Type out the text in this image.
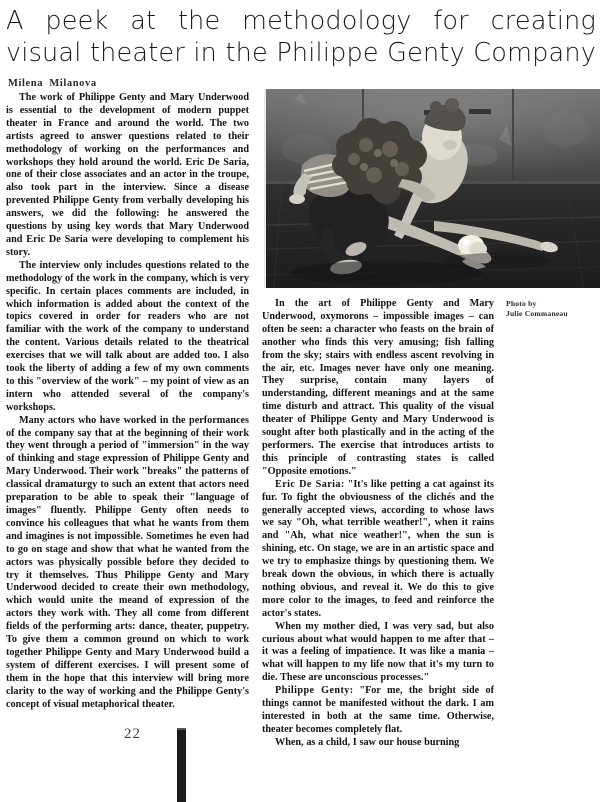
A peek at the methodology for creating
visual theater in the Philippe Genty Company
Milena Milanova
Photo by
Julie Commaneau

The work of Philippe Genty and Mary Underwood is essential to the development of modern puppet theater in France and around the world. The two artists agreed to answer questions related to their methodology of working on the performances and workshops they hold around the world. Eric De Saria, one of their close associates and an actor in the troupe, also took part in the interview. Since a disease prevented Philippe Genty from verbally developing his answers, we did the following: he answered the questions by using key words that Mary Underwood and Eric De Saria were developing to complement his story.

The interview only includes questions related to the methodology of the work in the company, which is very specific. In certain places comments are included, in which information is added about the context of the topics covered in order for readers who are not familiar with the work of the company to understand the content. Various details related to the theatrical exercises that we will talk about are added too. I also took the liberty of adding a few of my own comments to this "overview of the work" – my point of view as an intern who attended several of the company's workshops.

Many actors who have worked in the performances of the company say that at the beginning of their work they went through a period of "immersion" in the way of thinking and stage expression of Philippe Genty and Mary Underwood. Their work "breaks" the patterns of classical dramaturgy to such an extent that actors need preparation to be able to speak their "language of images" fluently. Philippe Genty often needs to convince his colleagues that what he wants from them and imagines is not impossible. Sometimes he even had to go on stage and show that what he wanted from the actors was physically possible before they decided to try it themselves. Thus Philippe Genty and Mary Underwood decided to create their own methodology, which would unite the meand of expression of the actors they work with. They all come from different fields of the performing arts: dance, theater, puppetry. To give them a common ground on which to work together Philippe Genty and Mary Underwood build a system of different exercises. I will present some of them in the hope that this interview will bring more clarity to the way of working and the Philippe Genty's concept of visual metaphorical theater.

In the art of Philippe Genty and Mary Underwood, oxymorons – impossible images – can often be seen: a character who feasts on the brain of another who finds this very amusing; fish falling from the sky; stairs with endless ascent revolving in the air, etc. Images never have only one meaning. They surprise, contain many layers of understanding, different meanings and at the same time disturb and attract. This quality of the visual theater of Philippe Genty and Mary Underwood is sought after both plastically and in the acting of the performers. The exercise that introduces artists to this principle of contrasting states is called "Opposite emotions."

Eric De Saria: "It's like petting a cat against its fur. To fight the obviousness of the clichés and the generally accepted views, according to whose laws we say "Oh, what terrible weather!", when it rains and "Ah, what nice weather!", when the sun is shining, etc. On stage, we are in an artistic space and we try to emphasize things by questioning them. We break down the obvious, in which there is actually nothing obvious, and reveal it. We do this to give more color to the images, to feed and reinforce the actor's states.

When my mother died, I was very sad, but also curious about what would happen to me after that – it was a feeling of impatience. It was like a mania – what will happen to my life now that it's my turn to die. These are unconscious processes."

Philippe Genty: "For me, the bright side of things cannot be manifested without the dark. I am interested in both at the same time. Otherwise, theater becomes completely flat.

When, as a child, I saw our house burning

22
